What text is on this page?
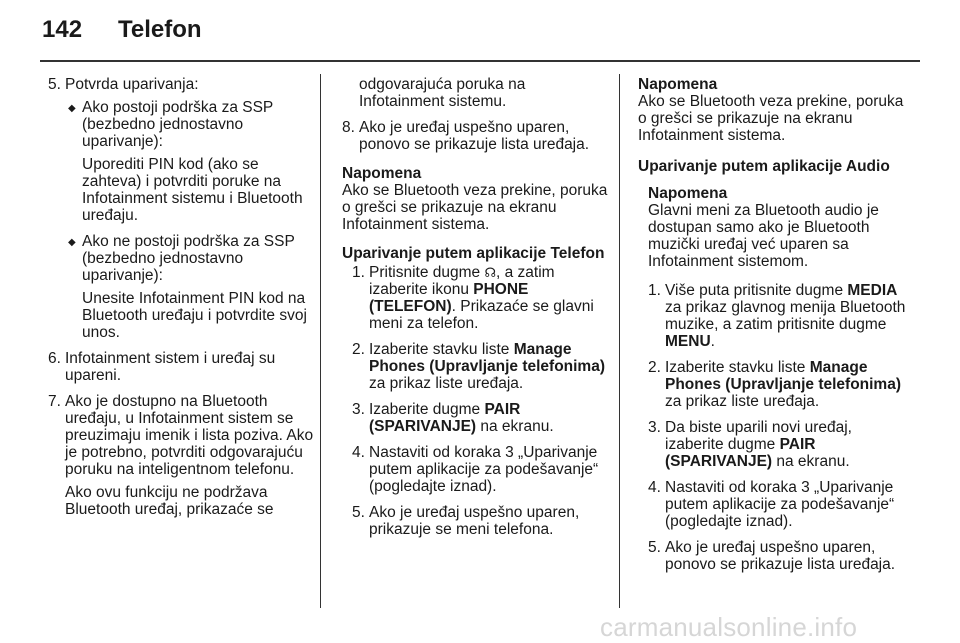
142 Telefon
5. Potvrda uparivanja:
◆ Ako postoji podrška za SSP (bezbedno jednostavno uparivanje):
Uporediti PIN kod (ako se zahteva) i potvrditi poruke na Infotainment sistemu i Bluetooth uređaju.
◆ Ako ne postoji podrška za SSP (bezbedno jednostavno uparivanje):
Unesite Infotainment PIN kod na Bluetooth uređaju i potvrdite svoj unos.
6. Infotainment sistem i uređaj su upareni.
7. Ako je dostupno na Bluetooth uređaju, u Infotainment sistem se preuzimaju imenik i lista poziva. Ako je potrebno, potvrditi odgovarajuću poruku na inteligentnom telefonu.
Ako ovu funkciju ne podržava Bluetooth uređaj, prikazaće se
odgovarajuća poruka na Infotainment sistemu.
8. Ako je uređaj uspešno uparen, ponovo se prikazuje lista uređaja.
Napomena
Ako se Bluetooth veza prekine, poruka o grešci se prikazuje na ekranu Infotainment sistema.
Uparivanje putem aplikacije Telefon
1. Pritisnite dugme ☊, a zatim izaberite ikonu PHONE (TELEFON). Prikazaće se glavni meni za telefon.
2. Izaberite stavku liste Manage Phones (Upravljanje telefonima) za prikaz liste uređaja.
3. Izaberite dugme PAIR (SPARIVANJE) na ekranu.
4. Nastaviti od koraka 3 „Uparivanje putem aplikacije za podešavanje“ (pogledajte iznad).
5. Ako je uređaj uspešno uparen, prikazuje se meni telefona.
Napomena
Ako se Bluetooth veza prekine, poruka o grešci se prikazuje na ekranu Infotainment sistema.
Uparivanje putem aplikacije Audio
Napomena
Glavni meni za Bluetooth audio je dostupan samo ako je Bluetooth muzički uređaj već uparen sa Infotainment sistemom.
1. Više puta pritisnite dugme MEDIA za prikaz glavnog menija Bluetooth muzike, a zatim pritisnite dugme MENU.
2. Izaberite stavku liste Manage Phones (Upravljanje telefonima) za prikaz liste uređaja.
3. Da biste uparili novi uređaj, izaberite dugme PAIR (SPARIVANJE) na ekranu.
4. Nastaviti od koraka 3 „Uparivanje putem aplikacije za podešavanje“ (pogledajte iznad).
5. Ako je uređaj uspešno uparen, ponovo se prikazuje lista uređaja.
carmanualsonline.info
